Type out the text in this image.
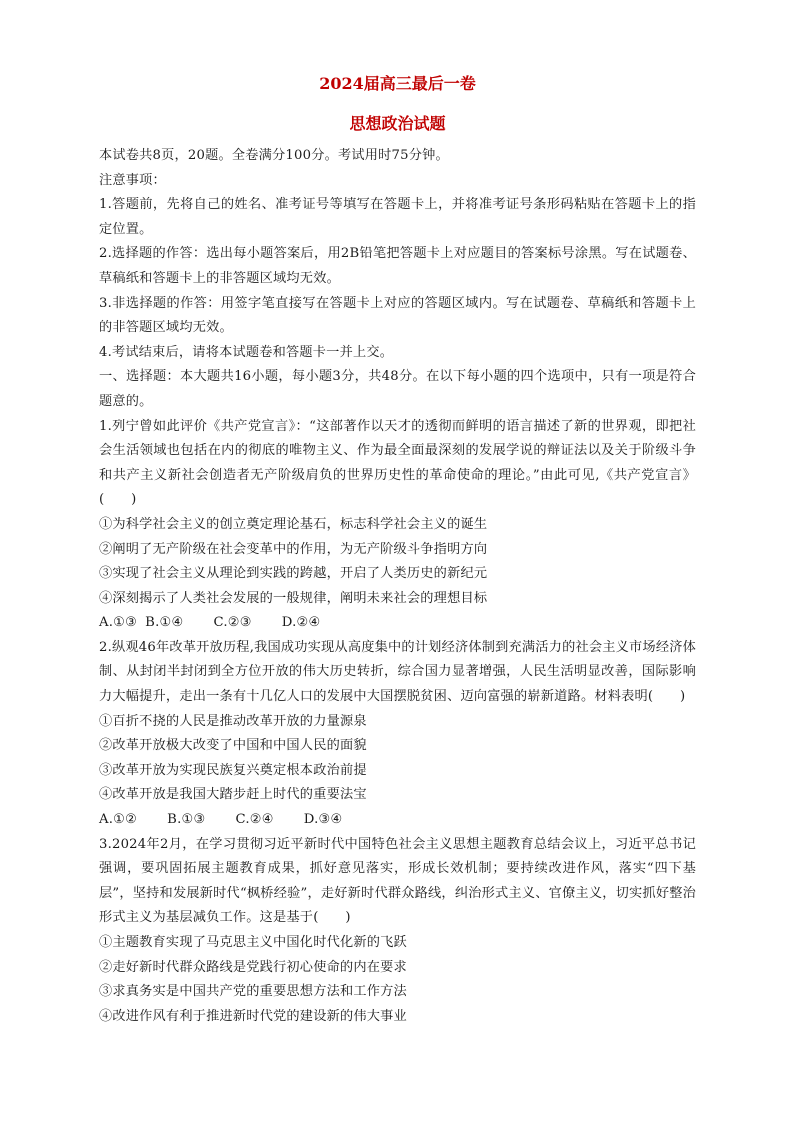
2024届高三最后一卷
思想政治试题

本试卷共8页，20题。全卷满分100分。考试用时75分钟。

注意事项：

1.答题前，先将自己的姓名、准考证号等填写在答题卡上，并将准考证号条形码粘贴在答题卡上的指定位置。

2.选择题的作答：选出每小题答案后，用2B铅笔把答题卡上对应题目的答案标号涂黑。写在试题卷、草稿纸和答题卡上的非答题区域均无效。

3.非选择题的作答：用签字笔直接写在答题卡上对应的答题区域内。写在试题卷、草稿纸和答题卡上的非答题区域均无效。

4.考试结束后，请将本试题卷和答题卡一并上交。

一、选择题：本大题共16小题，每小题3分，共48分。在以下每小题的四个选项中，只有一项是符合题意的。

1.列宁曾如此评价《共产党宣言》：“这部著作以天才的透彻而鲜明的语言描述了新的世界观，即把社会生活领域也包括在内的彻底的唯物主义、作为最全面最深刻的发展学说的辩证法以及关于阶级斗争和共产主义新社会创造者无产阶级肩负的世界历史性的革命使命的理论。”由此可见,《共产党宣言》(　　)

①为科学社会主义的创立奠定理论基石，标志科学社会主义的诞生

②阐明了无产阶级在社会变革中的作用，为无产阶级斗争指明方向

③实现了社会主义从理论到实践的跨越，开启了人类历史的新纪元

④深刻揭示了人类社会发展的一般规律，阐明未来社会的理想目标

A.①③ B.①④ C.②③ D.②④

2.纵观46年改革开放历程,我国成功实现从高度集中的计划经济体制到充满活力的社会主义市场经济体制、从封闭半封闭到全方位开放的伟大历史转折，综合国力显著增强，人民生活明显改善，国际影响力大幅提升，走出一条有十几亿人口的发展中大国摆脱贫困、迈向富强的崭新道路。材料表明(　　)

①百折不挠的人民是推动改革开放的力量源泉

②改革开放极大改变了中国和中国人民的面貌

③改革开放为实现民族复兴奠定根本政治前提

④改革开放是我国大踏步赶上时代的重要法宝

A.①② B.①③ C.②④ D.③④

3.2024年2月，在学习贯彻习近平新时代中国特色社会主义思想主题教育总结会议上，习近平总书记强调，要巩固拓展主题教育成果，抓好意见落实，形成长效机制；要持续改进作风，落实“四下基层”，坚持和发展新时代“枫桥经验”，走好新时代群众路线，纠治形式主义、官僚主义，切实抓好整治形式主义为基层减负工作。这是基于(　　)

①主题教育实现了马克思主义中国化时代化新的飞跃

②走好新时代群众路线是党践行初心使命的内在要求

③求真务实是中国共产党的重要思想方法和工作方法

④改进作风有利于推进新时代党的建设新的伟大事业
